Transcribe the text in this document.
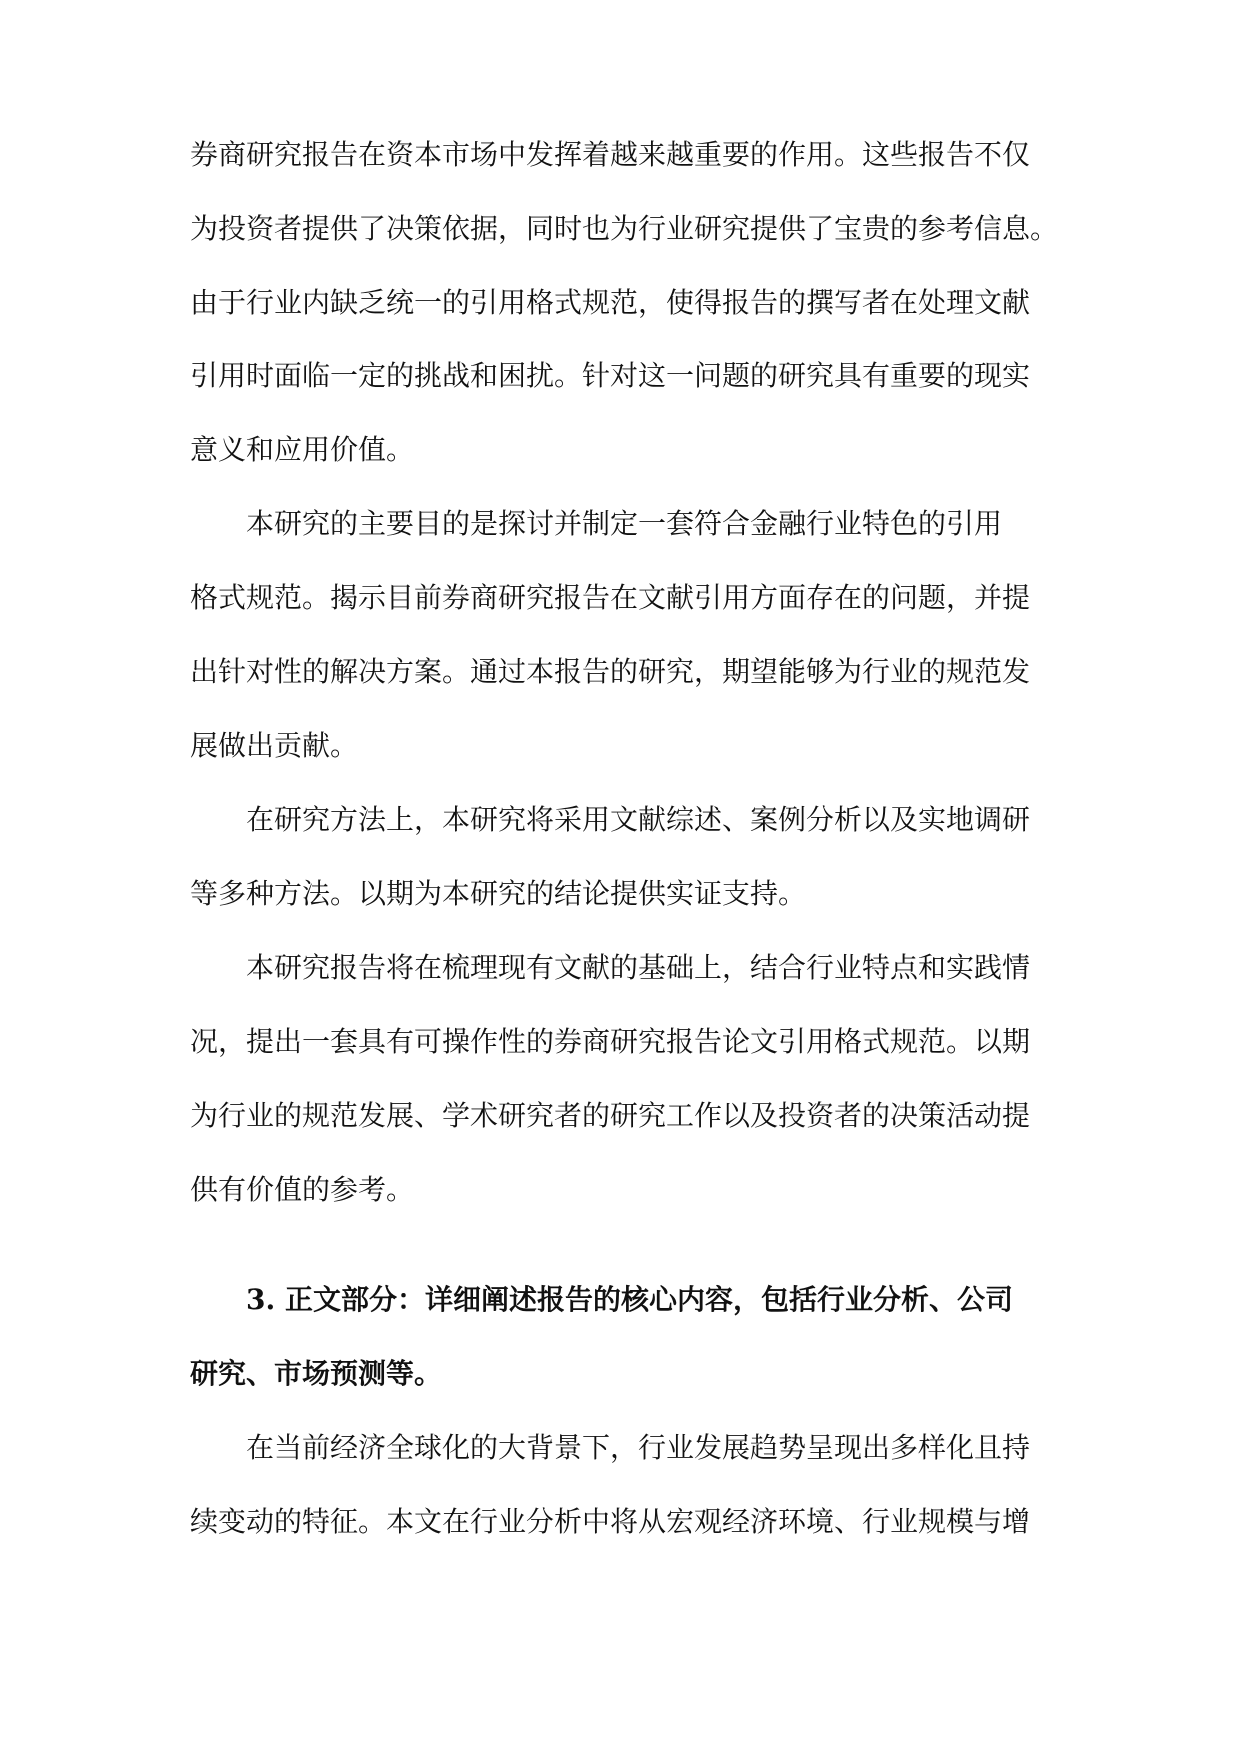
券商研究报告在资本市场中发挥着越来越重要的作用。这些报告不仅

为投资者提供了决策依据，同时也为行业研究提供了宝贵的参考信息。

由于行业内缺乏统一的引用格式规范，使得报告的撰写者在处理文献

引用时面临一定的挑战和困扰。针对这一问题的研究具有重要的现实

意义和应用价值。

本研究的主要目的是探讨并制定一套符合金融行业特色的引用

格式规范。揭示目前券商研究报告在文献引用方面存在的问题，并提

出针对性的解决方案。通过本报告的研究，期望能够为行业的规范发

展做出贡献。

在研究方法上，本研究将采用文献综述、案例分析以及实地调研

等多种方法。以期为本研究的结论提供实证支持。

本研究报告将在梳理现有文献的基础上，结合行业特点和实践情

况，提出一套具有可操作性的券商研究报告论文引用格式规范。以期

为行业的规范发展、学术研究者的研究工作以及投资者的决策活动提

供有价值的参考。

3. 正文部分：详细阐述报告的核心内容，包括行业分析、公司

研究、市场预测等。

在当前经济全球化的大背景下，行业发展趋势呈现出多样化且持

续变动的特征。本文在行业分析中将从宏观经济环境、行业规模与增
